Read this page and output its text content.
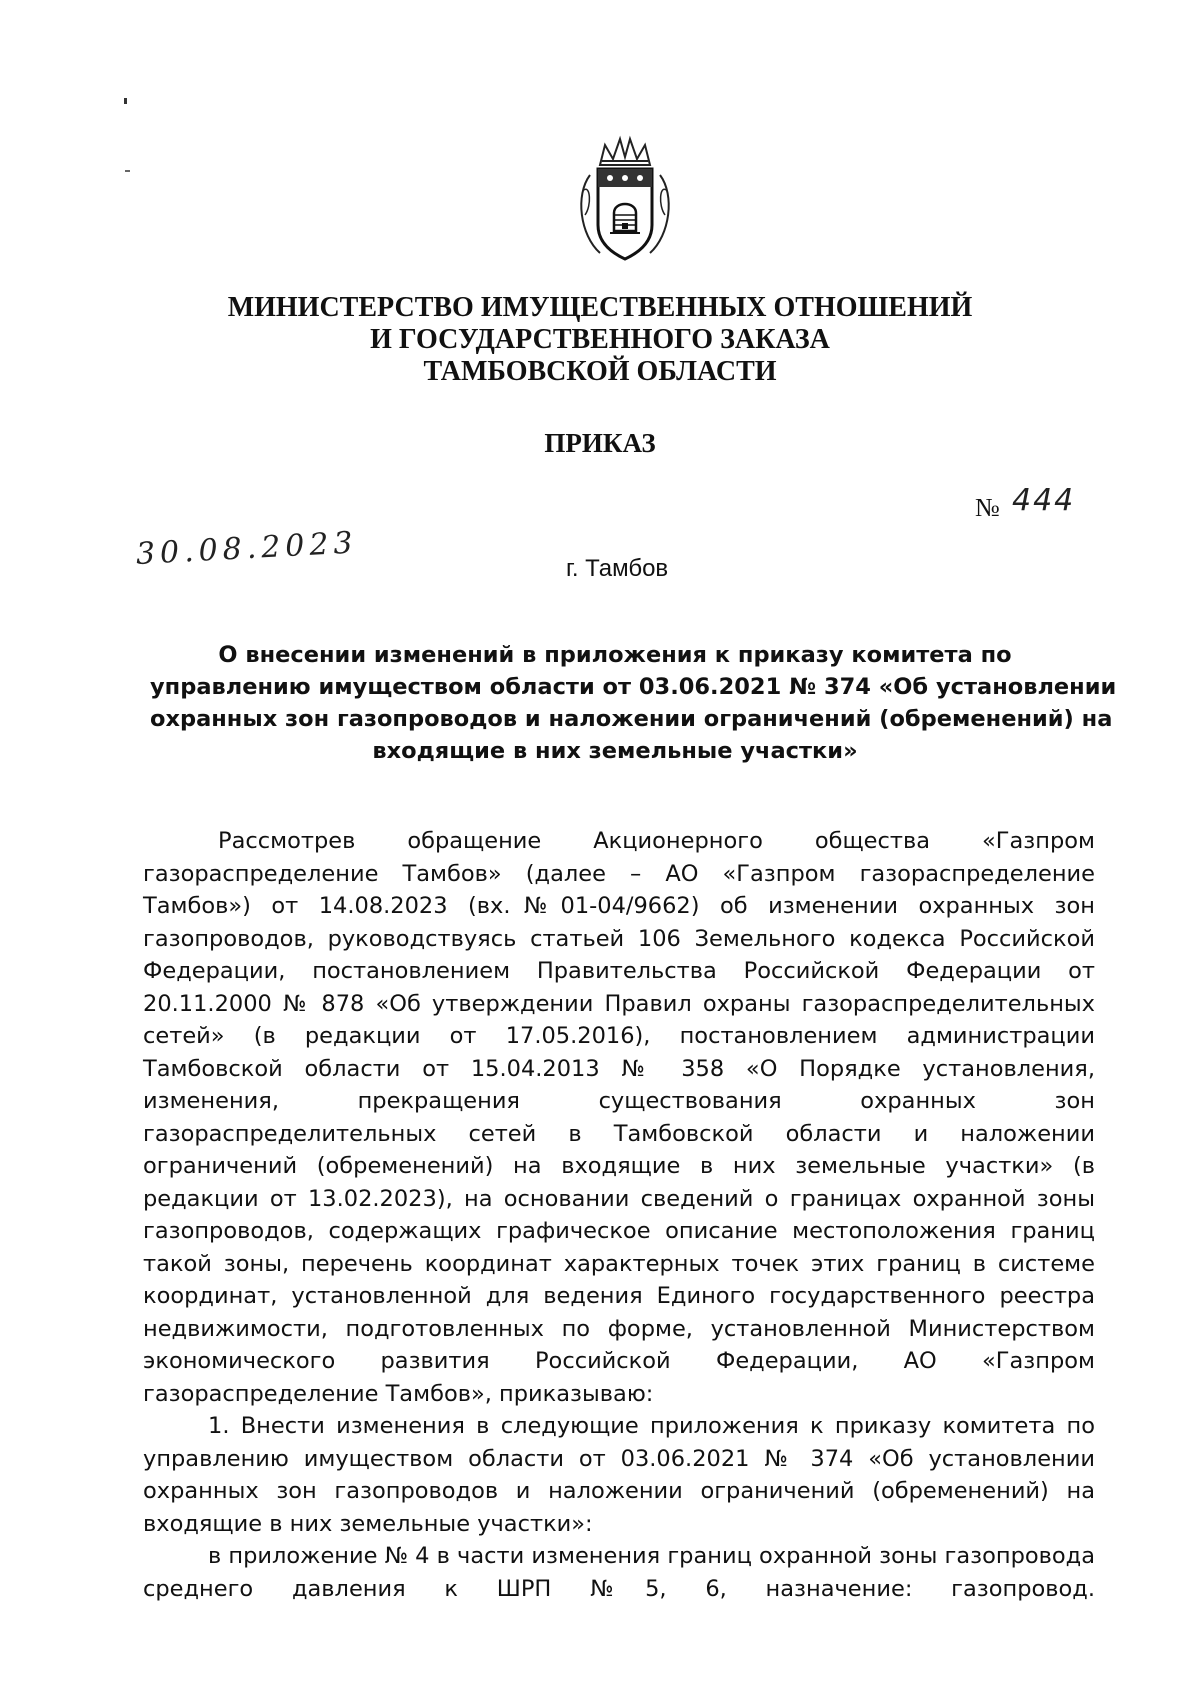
МИНИСТЕРСТВО ИМУЩЕСТВЕННЫХ ОТНОШЕНИЙ
И ГОСУДАРСТВЕННОГО ЗАКАЗА
ТАМБОВСКОЙ ОБЛАСТИ
ПРИКАЗ
№ 444
30.08.2023	г. Тамбов
О внесении изменений в приложения к приказу комитета по
управлению имуществом области от 03.06.2021 № 374 «Об установлении
охранных зон газопроводов и наложении ограничений (обременений) на
входящие в них земельные участки»

Рассмотрев обращение Акционерного общества «Газпром газораспределение Тамбов» (далее – АО «Газпром газораспределение Тамбов») от 14.08.2023 (вх.№01-04/9662) об изменении охранных зон газопроводов, руководствуясь статьей 106 Земельного кодекса Российской Федерации, постановлением Правительства Российской Федерации от 20.11.2000 № 878 «Об утверждении Правил охраны газораспределительных сетей» (в редакции от 17.05.2016), постановлением администрации Тамбовской области от 15.04.2013 № 358 «О Порядке установления, изменения, прекращения существования охранных зон газораспределительных сетей в Тамбовской области и наложении ограничений (обременений) на входящие в них земельные участки» (в редакции от 13.02.2023), на основании сведений о границах охранной зоны газопроводов, содержащих графическое описание местоположения границ такой зоны, перечень координат характерных точек этих границ в системе координат, установленной для ведения Единого государственного реестра недвижимости, подготовленных по форме, установленной Министерством экономического развития Российской Федерации, АО «Газпром газораспределение Тамбов», приказываю:

1. Внести изменения в следующие приложения к приказу комитета по управлению имуществом области от 03.06.2021 № 374 «Об установлении охранных зон газопроводов и наложении ограничений (обременений) на входящие в них земельные участки»:

в приложение № 4 в части изменения границ охранной зоны газопровода среднего давления к ШРП №5, 6, назначение: газопровод.
